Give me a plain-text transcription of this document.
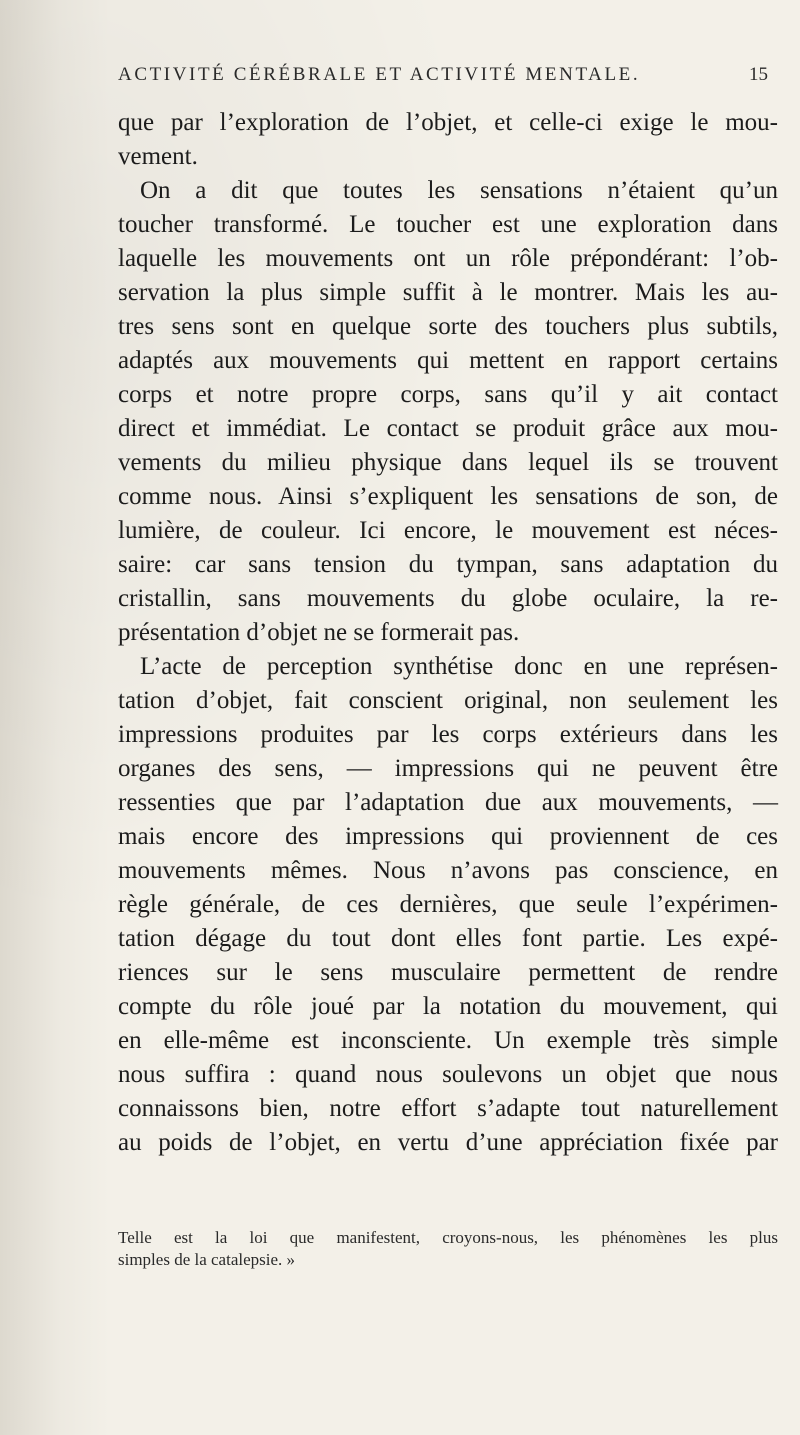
ACTIVITÉ CÉRÉBRALE ET ACTIVITÉ MENTALE.	15
que par l’exploration de l’objet, et celle-ci exige le mou-
vement.
On a dit que toutes les sensations n’étaient qu’un
toucher transformé. Le toucher est une exploration dans
laquelle les mouvements ont un rôle prépondérant: l’ob-
servation la plus simple suffit à le montrer. Mais les au-
tres sens sont en quelque sorte des touchers plus subtils,
adaptés aux mouvements qui mettent en rapport certains
corps et notre propre corps, sans qu’il y ait contact
direct et immédiat. Le contact se produit grâce aux mou-
vements du milieu physique dans lequel ils se trouvent
comme nous. Ainsi s’expliquent les sensations de son, de
lumière, de couleur. Ici encore, le mouvement est néces-
saire: car sans tension du tympan, sans adaptation du
cristallin, sans mouvements du globe oculaire, la re-
présentation d’objet ne se formerait pas.
L’acte de perception synthétise donc en une représen-
tation d’objet, fait conscient original, non seulement les
impressions produites par les corps extérieurs dans les
organes des sens, — impressions qui ne peuvent être
ressenties que par l’adaptation due aux mouvements, —
mais encore des impressions qui proviennent de ces
mouvements mêmes. Nous n’avons pas conscience, en
règle générale, de ces dernières, que seule l’expérimen-
tation dégage du tout dont elles font partie. Les expé-
riences sur le sens musculaire permettent de rendre
compte du rôle joué par la notation du mouvement, qui
en elle-même est inconsciente. Un exemple très simple
nous suffira : quand nous soulevons un objet que nous
connaissons bien, notre effort s’adapte tout naturellement
au poids de l’objet, en vertu d’une appréciation fixée par
Telle est la loi que manifestent, croyons-nous, les phénomènes les plus
simples de la catalepsie. »
